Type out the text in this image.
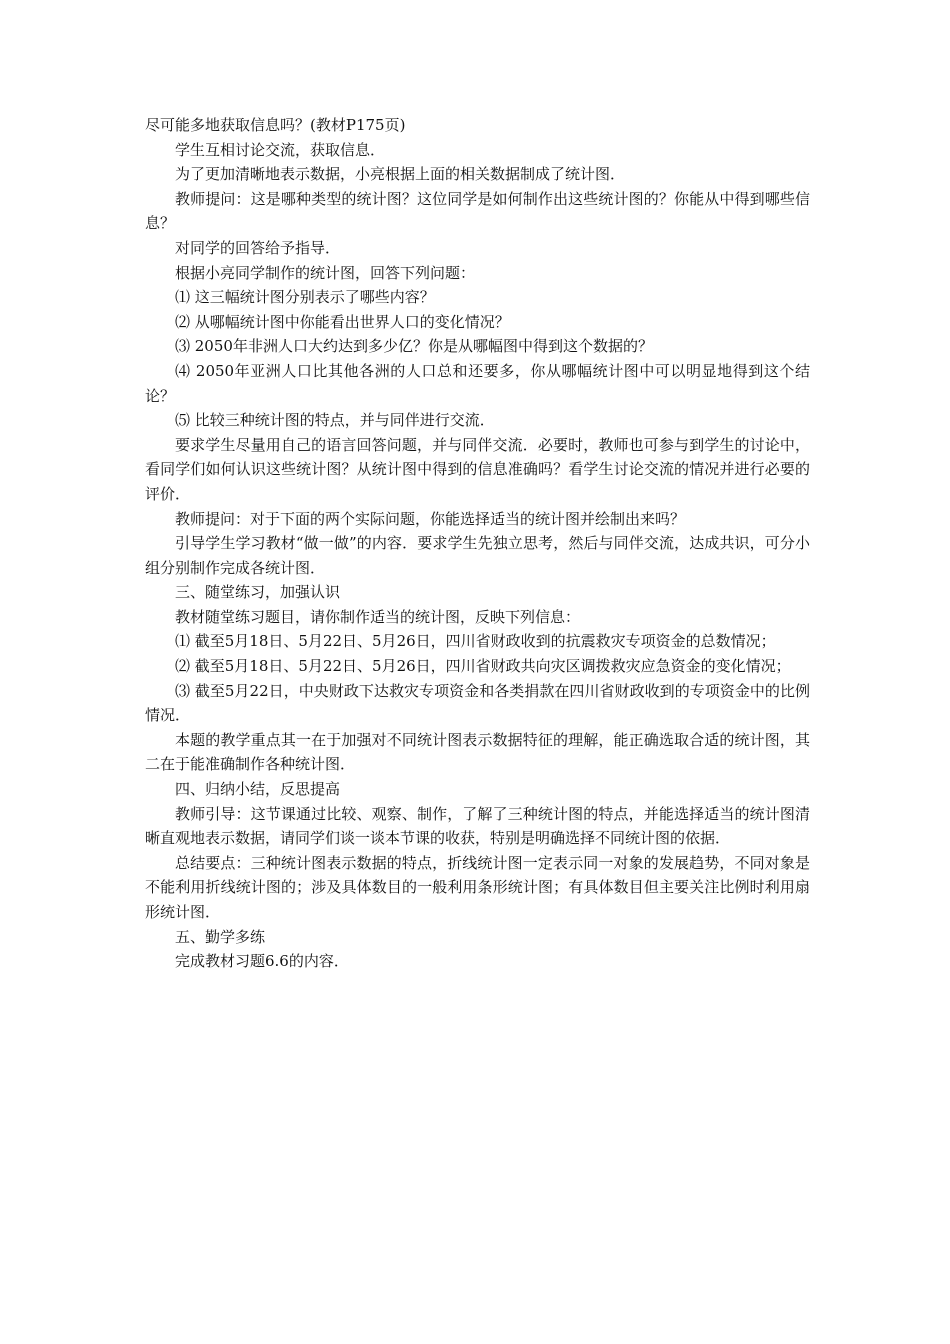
尽可能多地获取信息吗？(教材P175页)

学生互相讨论交流，获取信息．

为了更加清晰地表示数据，小亮根据上面的相关数据制成了统计图．

教师提问：这是哪种类型的统计图？这位同学是如何制作出这些统计图的？你能从中得到哪些信息？

对同学的回答给予指导．

根据小亮同学制作的统计图，回答下列问题：

⑴ 这三幅统计图分别表示了哪些内容？

⑵ 从哪幅统计图中你能看出世界人口的变化情况？

⑶ 2050年非洲人口大约达到多少亿？你是从哪幅图中得到这个数据的？

⑷ 2050年亚洲人口比其他各洲的人口总和还要多，你从哪幅统计图中可以明显地得到这个结论？

⑸ 比较三种统计图的特点，并与同伴进行交流．

要求学生尽量用自己的语言回答问题，并与同伴交流．必要时，教师也可参与到学生的讨论中，看同学们如何认识这些统计图？从统计图中得到的信息准确吗？看学生讨论交流的情况并进行必要的评价．

教师提问：对于下面的两个实际问题，你能选择适当的统计图并绘制出来吗？

引导学生学习教材“做一做”的内容．要求学生先独立思考，然后与同伴交流，达成共识，可分小组分别制作完成各统计图．

三、随堂练习，加强认识

教材随堂练习题目，请你制作适当的统计图，反映下列信息：

⑴ 截至5月18日、5月22日、5月26日，四川省财政收到的抗震救灾专项资金的总数情况；

⑵ 截至5月18日、5月22日、5月26日，四川省财政共向灾区调拨救灾应急资金的变化情况；

⑶ 截至5月22日，中央财政下达救灾专项资金和各类捐款在四川省财政收到的专项资金中的比例情况．

本题的教学重点其一在于加强对不同统计图表示数据特征的理解，能正确选取合适的统计图，其二在于能准确制作各种统计图．

四、归纳小结，反思提高

教师引导：这节课通过比较、观察、制作，了解了三种统计图的特点，并能选择适当的统计图清晰直观地表示数据，请同学们谈一谈本节课的收获，特别是明确选择不同统计图的依据．

总结要点：三种统计图表示数据的特点，折线统计图一定表示同一对象的发展趋势，不同对象是不能利用折线统计图的；涉及具体数目的一般利用条形统计图；有具体数目但主要关注比例时利用扇形统计图．

五、勤学多练

完成教材习题6.6的内容．
